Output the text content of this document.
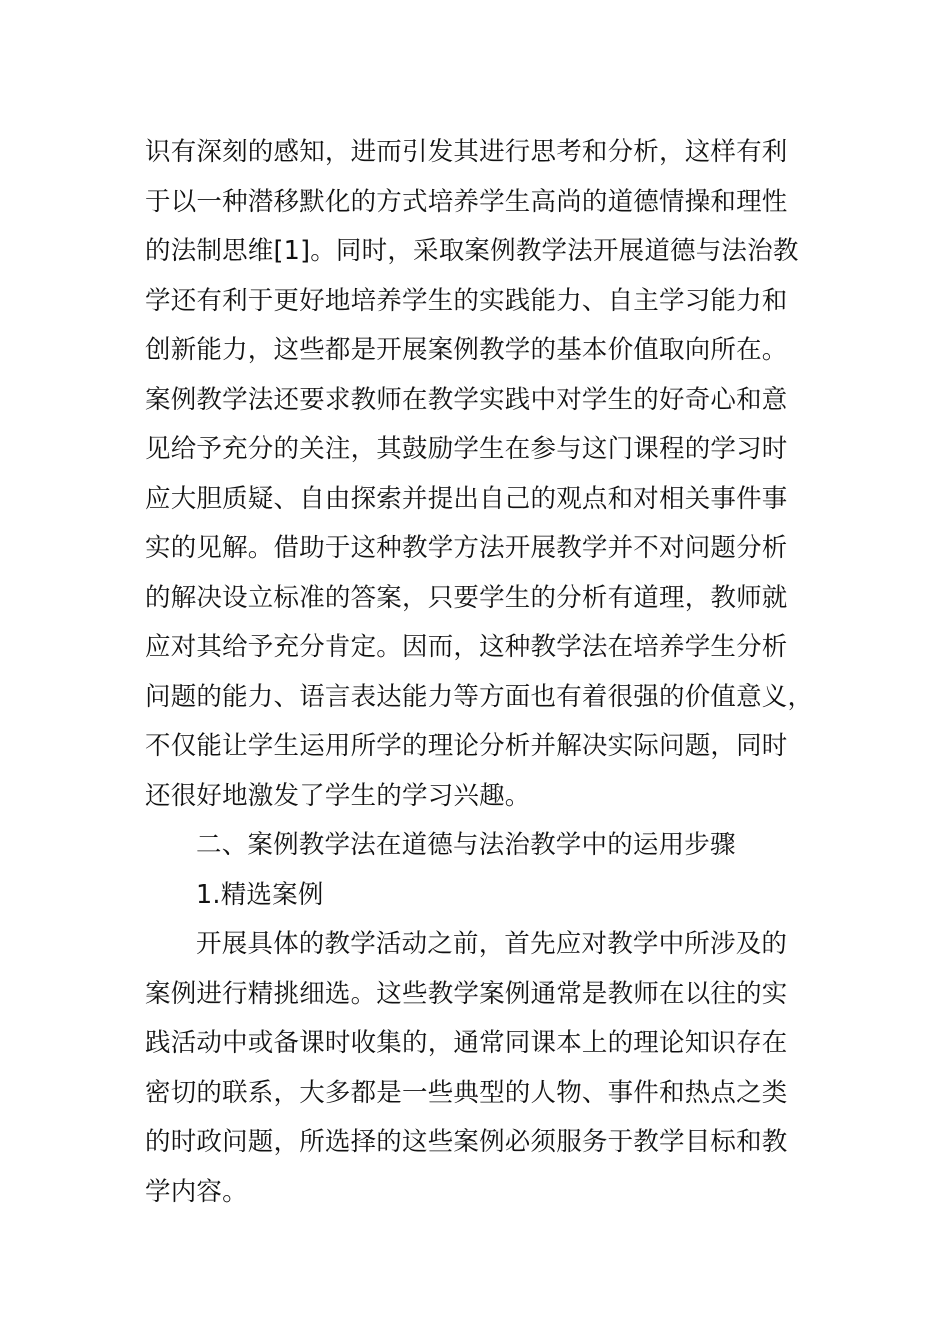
识有深刻的感知，进而引发其进行思考和分析，这样有利
于以一种潜移默化的方式培养学生高尚的道德情操和理性
的法制思维[1]。同时，采取案例教学法开展道德与法治教
学还有利于更好地培养学生的实践能力、自主学习能力和
创新能力，这些都是开展案例教学的基本价值取向所在。
案例教学法还要求教师在教学实践中对学生的好奇心和意
见给予充分的关注，其鼓励学生在参与这门课程的学习时
应大胆质疑、自由探索并提出自己的观点和对相关事件事
实的见解。借助于这种教学方法开展教学并不对问题分析
的解决设立标准的答案，只要学生的分析有道理，教师就
应对其给予充分肯定。因而，这种教学法在培养学生分析
问题的能力、语言表达能力等方面也有着很强的价值意义，
不仅能让学生运用所学的理论分析并解决实际问题，同时
还很好地激发了学生的学习兴趣。
二、案例教学法在道德与法治教学中的运用步骤
1.精选案例
开展具体的教学活动之前，首先应对教学中所涉及的
案例进行精挑细选。这些教学案例通常是教师在以往的实
践活动中或备课时收集的，通常同课本上的理论知识存在
密切的联系，大多都是一些典型的人物、事件和热点之类
的时政问题，所选择的这些案例必须服务于教学目标和教
学内容。
